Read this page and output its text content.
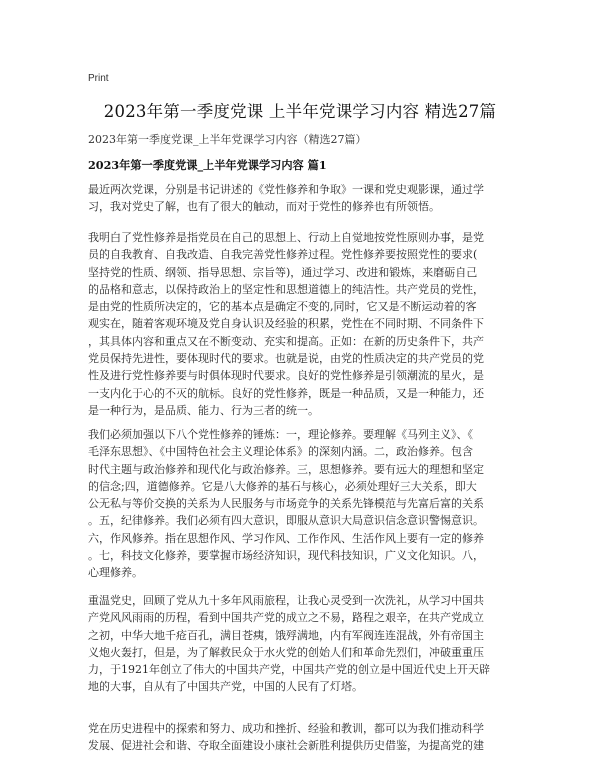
Print
2023年第一季度党课 上半年党课学习内容 精选27篇
2023年第一季度党课_上半年党课学习内容（精选27篇）
2023年第一季度党课_上半年党课学习内容 篇1
最近两次党课，分别是书记讲述的《党性修养和争取》一课和党史观影课，通过学
习，我对党史了解，也有了很大的触动，而对于党性的修养也有所领悟。
我明白了党性修养是指党员在自己的思想上、行动上自觉地按党性原则办事，是党
员的自我教育、自我改造、自我完善党性修养过程。党性修养要按照党性的要求(
坚持党的性质、纲领、指导思想、宗旨等)，通过学习、改进和锻炼，来磨砺自己
的品格和意志，以保持政治上的坚定性和思想道德上的纯洁性。共产党员的党性，
是由党的性质所决定的，它的基本点是确定不变的,同时，它又是不断运动着的客
观实在，随着客观环境及党自身认识及经验的积累，党性在不同时期、不同条件下
，其具体内容和重点又在不断变动、充实和提高。正如：在新的历史条件下，共产
党员保持先进性，要体现时代的要求。也就是说，由党的性质决定的共产党员的党
性及进行党性修养要与时俱体现时代要求。良好的党性修养是引领潮流的星火，是
一支内化于心的不灭的航标。良好的党性修养，既是一种品质，又是一种能力，还
是一种行为，是品质、能力、行为三者的统一。
我们必须加强以下八个党性修养的锤炼：一，理论修养。要理解《马列主义》、《
毛泽东思想》、《中国特色社会主义理论体系》的深刻内涵。二，政治修养。包含
时代主题与政治修养和现代化与政治修养。三，思想修养。要有远大的理想和坚定
的信念;四，道德修养。它是八大修养的基石与核心，必须处理好三大关系，即大
公无私与等价交换的关系为人民服务与市场竞争的关系先锋模范与先富后富的关系
。五，纪律修养。我们必须有四大意识，即服从意识大局意识信念意识警惕意识。
六，作风修养。指在思想作风、学习作风、工作作风、生活作风上要有一定的修养
。七，科技文化修养，要掌握市场经济知识，现代科技知识，广义文化知识。八，
心理修养。
重温党史，回顾了党从九十多年风雨旅程，让我心灵受到一次洗礼，从学习中国共
产党风风雨雨的历程，看到中国共产党的成立之不易，路程之艰辛，在共产党成立
之初，中华大地千疮百孔，满目苍痍，饿殍满地，内有军阀连连混战，外有帝国主
义炮火轰打，但是，为了解救民众于水火党的创始人们和革命先烈们，冲破重重压
力，于1921年创立了伟大的中国共产党，中国共产党的创立是中国近代史上开天辟
地的大事，自从有了中国共产党，中国的人民有了灯塔。
党在历史进程中的探索和努力、成功和挫折、经验和教训，都可以为我们推动科学
发展、促进社会和谐、夺取全面建设小康社会新胜利提供历史借鉴，为提高党的建
